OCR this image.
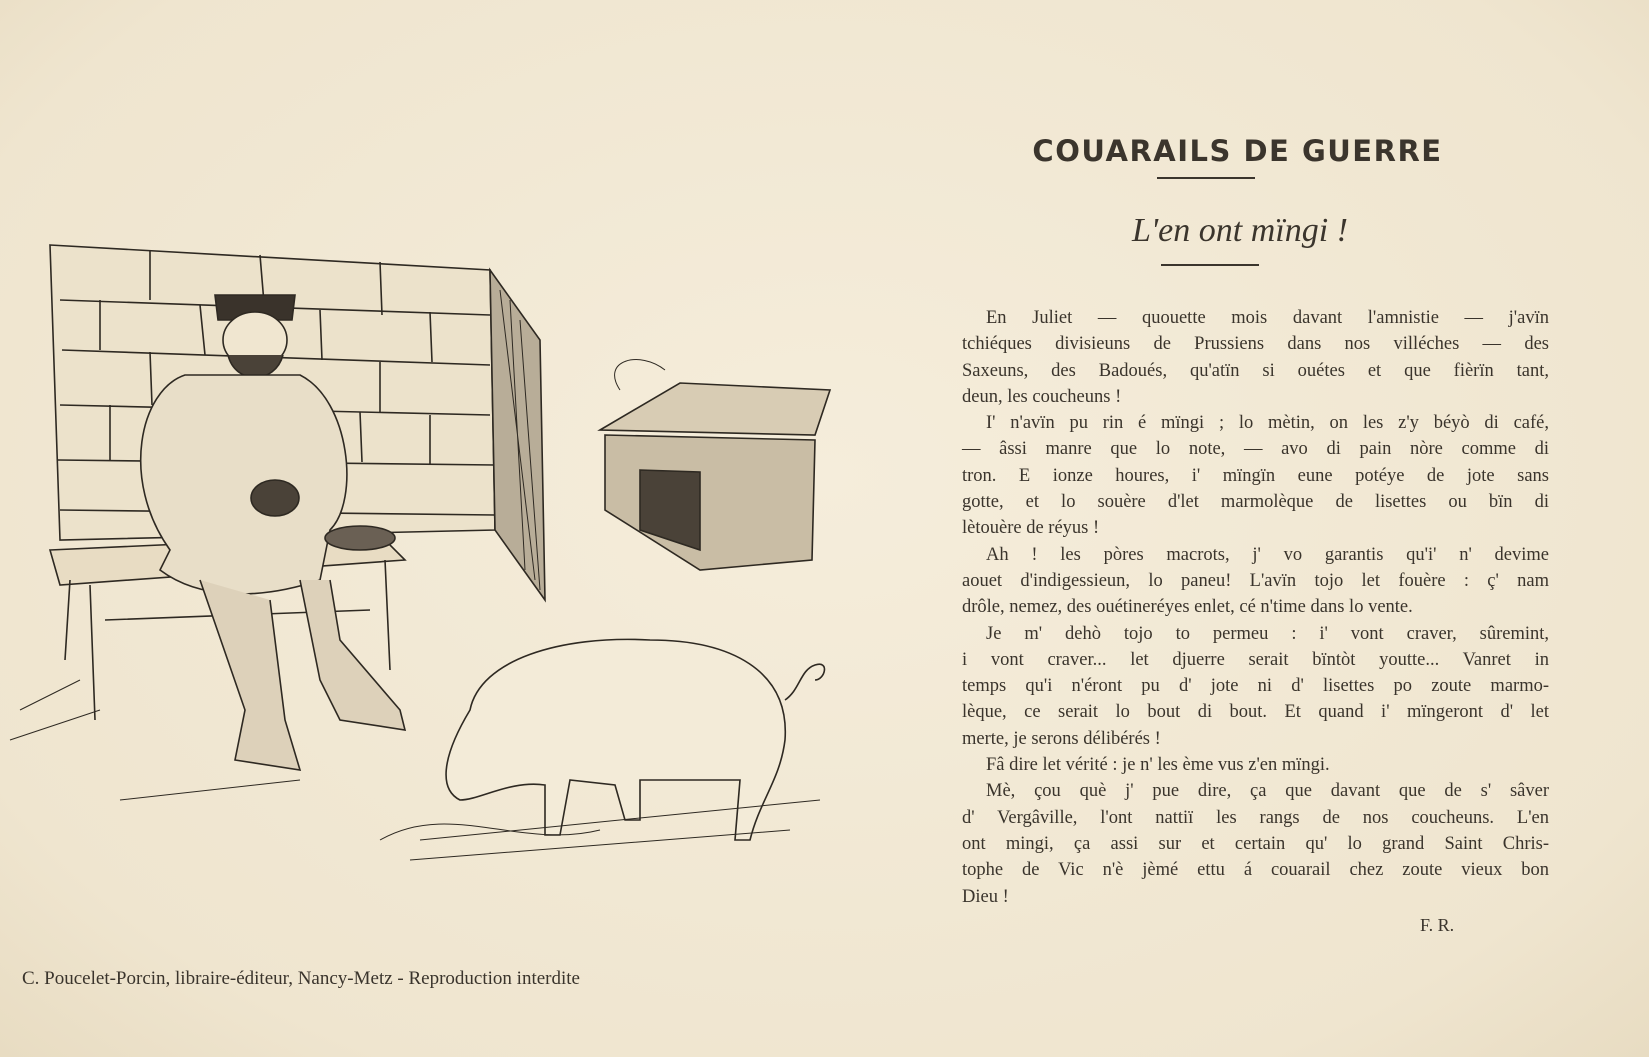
COUARAILS DE GUERRE
L'en ont mïngi !
En Juliet — quouette mois davant l'amnistie — j'avïn
tchiéques divisieuns de Prussiens dans nos villéches — des
Saxeuns, des Badoués, qu'atïn si ouétes et que fièrïn tant,
deun, les coucheuns !
I' n'avïn pu rin é mïngi ; lo mètin, on les z'y béyò di café,
— âssi manre que lo note, — avo di pain nòre comme di
tron. E ionze houres, i' mïngïn eune potéye de jote sans
gotte, et lo souère d'let marmolèque de lisettes ou bïn di
lètouère de réyus !
Ah ! les pòres macrots, j' vo garantis qu'i' n' devime
aouet d'indigessieun, lo paneu! L'avïn tojo let fouère : ç' nam
drôle, nemez, des ouétineréyes enlet, cé n'time dans lo vente.
Je m' dehò tojo to permeu : i' vont craver, sûremint,
i vont craver... let djuerre serait bïntòt youtte... Vanret in
temps qu'i n'éront pu d' jote ni d' lisettes po zoute marmo-
lèque, ce serait lo bout di bout. Et quand i' mïngeront d' let
merte, je serons délibérés !
Fâ dire let vérité : je n' les ème vus z'en mïngi.
Mè, çou què j' pue dire, ça que davant que de s' sâver
d' Vergâville, l'ont nattiï les rangs de nos coucheuns. L'en
ont mingi, ça assi sur et certain qu' lo grand Saint Chris-
tophe de Vic n'è jèmé ettu á couarail chez zoute vieux bon
Dieu !
F. R.
C. Poucelet-Porcin, libraire-éditeur, Nancy-Metz - Reproduction interdite
